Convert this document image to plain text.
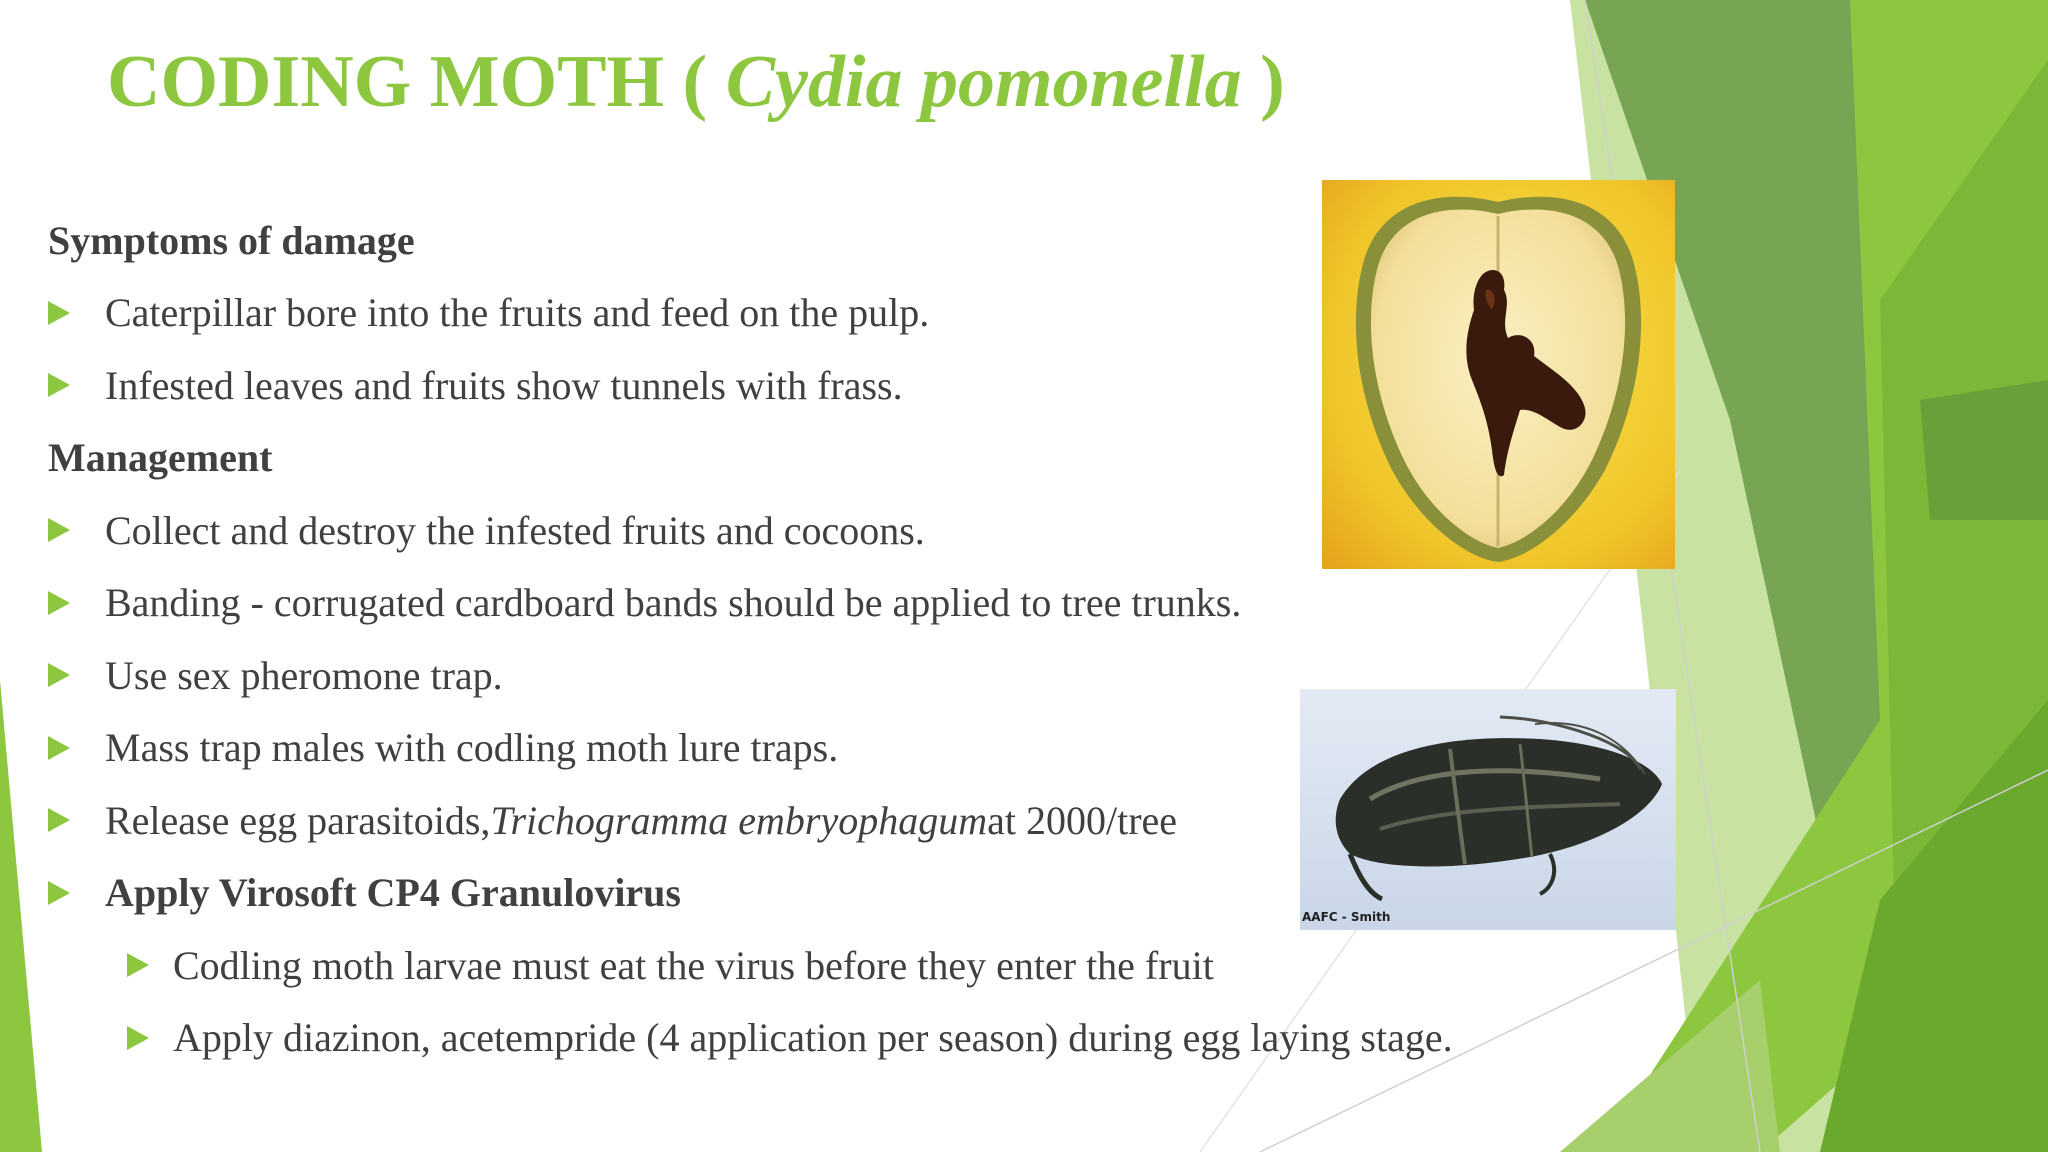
CODING MOTH ( Cydia pomonella )
Symptoms of damage
Caterpillar bore into the fruits and feed on the pulp.
Infested leaves and fruits show tunnels with frass.
Management
Collect and destroy the infested fruits and cocoons.
Banding - corrugated cardboard bands should be applied to tree trunks.
Use sex pheromone trap.
Mass trap males with codling moth lure traps.
Release egg parasitoids, Trichogramma embryophagum at 2000/tree
Apply Virosoft CP4 Granulovirus
Codling moth larvae must eat the virus before they enter the fruit
Apply diazinon, acetempride (4 application per season) during egg laying stage.
AAFC - Smith
